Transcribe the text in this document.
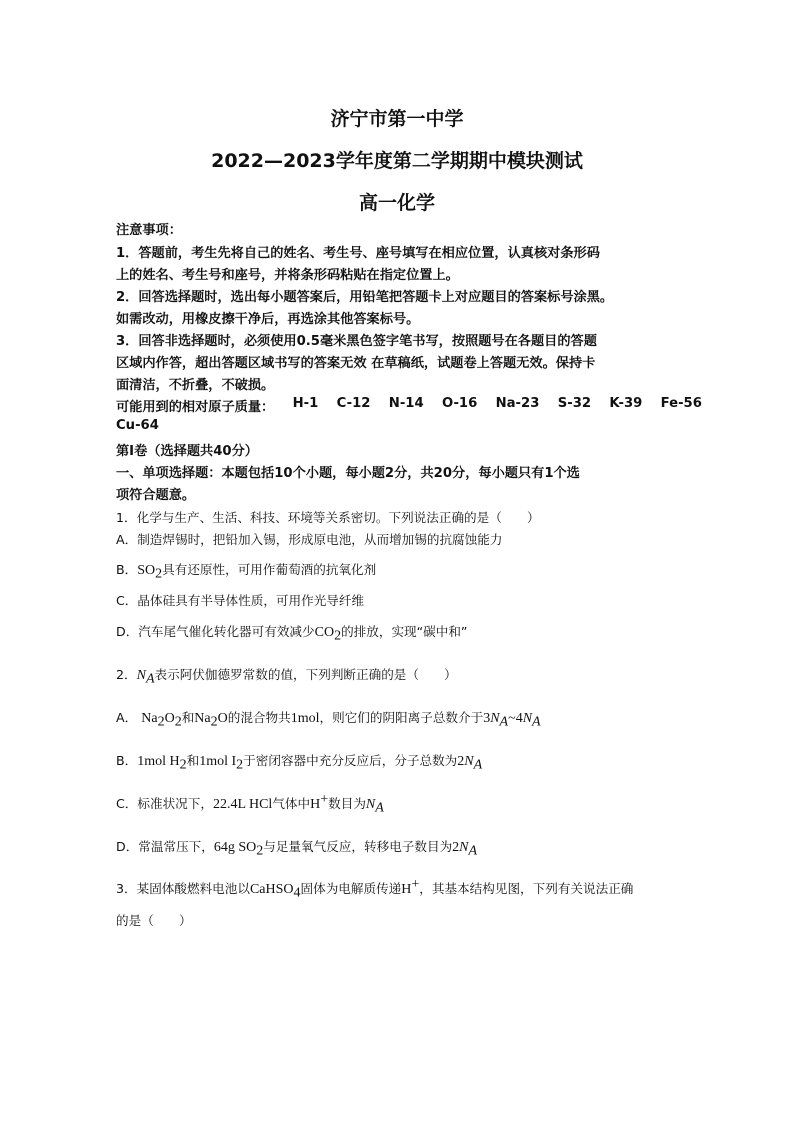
济宁市第一中学
2022—2023学年度第二学期期中模块测试
高一化学
注意事项：
1．答题前，考生先将自己的姓名、考生号、座号填写在相应位置，认真核对条形码
上的姓名、考生号和座号，并将条形码粘贴在指定位置上。
2．回答选择题时，选出每小题答案后，用铅笔把答题卡上对应题目的答案标号涂黑。
如需改动，用橡皮擦干净后，再选涂其他答案标号。
3．回答非选择题时，必须使用0.5毫米黑色签字笔书写，按照题号在各题目的答题
区域内作答，超出答题区域书写的答案无效 在草稿纸，试题卷上答题无效。保持卡
面清洁，不折叠，不破损。
可能用到的相对原子质量： H-1 C-12 N-14 O-16 Na-23 S-32 K-39 Fe-56
Cu-64
第Ⅰ卷（选择题共40分）
一、单项选择题：本题包括10个小题，每小题2分，共20分，每小题只有1个选
项符合题意。
1．化学与生产、生活、科技、环境等关系密切。下列说法正确的是（　　）
A．制造焊锡时，把铅加入锡，形成原电池，从而增加锡的抗腐蚀能力
B．$SO_2$具有还原性，可用作葡萄酒的抗氧化剂
C．晶体硅具有半导体性质，可用作光导纤维
D．汽车尾气催化转化器可有效减少$CO_2$的排放，实现“碳中和”
2．$N_A$表示阿伏伽德罗常数的值，下列判断正确的是（　　）
A． $Na_2O_2$和$Na_2O$的混合物共1mol，则它们的阴阳离子总数介于$3N_A\sim 4N_A$
B．1mol $H_2$和1mol $I_2$于密闭容器中充分反应后，分子总数为$2N_A$
C．标准状况下，22.4L HCl气体中H+数目为$N_A$
D．常温常压下，64g $SO_2$与足量氧气反应，转移电子数目为$2N_A$
3．某固体酸燃料电池以CaHSO$_4$固体为电解质传递H+，其基本结构见图，下列有关说法正确
的是（　　）
